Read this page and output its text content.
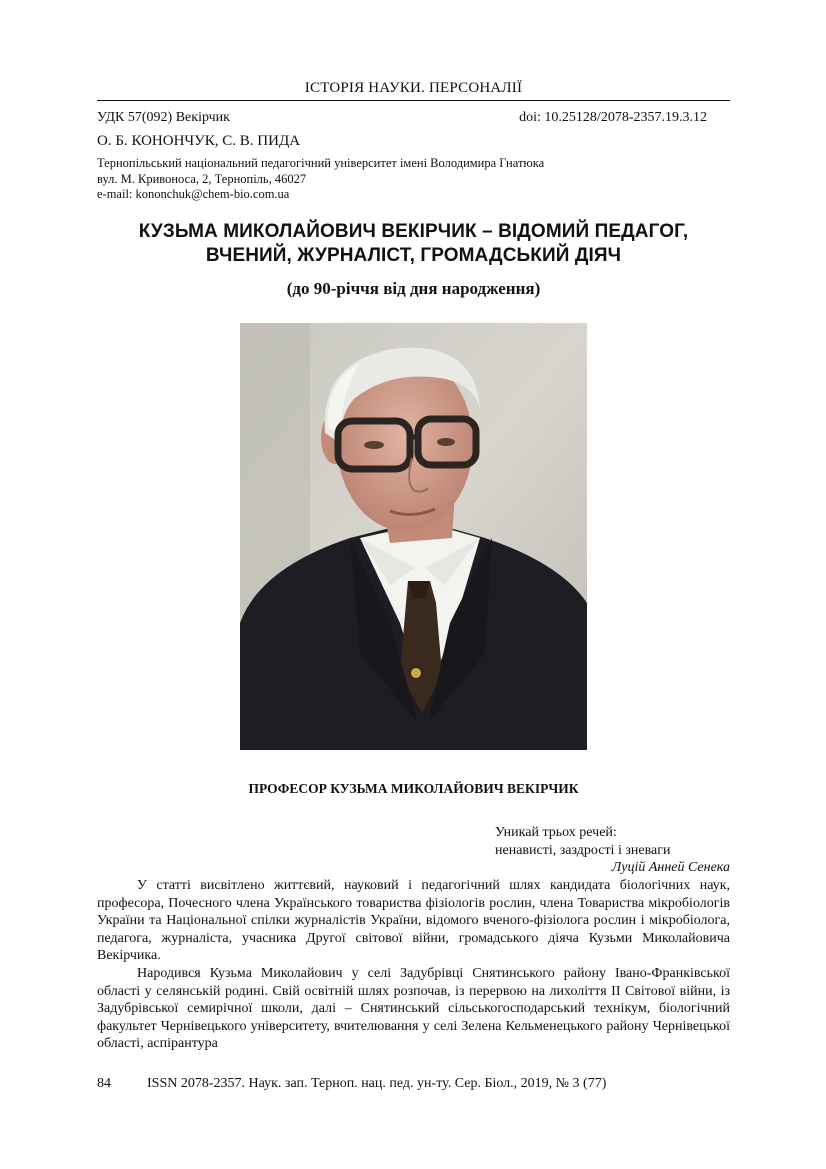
ІСТОРІЯ НАУКИ. ПЕРСОНАЛІЇ
УДК 57(092) Векірчик	doi: 10.25128/2078-2357.19.3.12
О. Б. КОНОНЧУК, С. В. ПИДА
Тернопільський національний педагогічний університет імені Володимира Гнатюка
вул. М. Кривоноса, 2, Тернопіль, 46027
e-mail: kononchuk@chem-bio.com.ua
КУЗЬМА МИКОЛАЙОВИЧ ВЕКІРЧИК – ВІДОМИЙ ПЕДАГОГ,
ВЧЕНИЙ, ЖУРНАЛІСТ, ГРОМАДСЬКИЙ ДІЯЧ
(до 90-річчя від дня народження)
ПРОФЕСОР КУЗЬМА МИКОЛАЙОВИЧ ВЕКІРЧИК
Уникай трьох речей:
ненависті, заздрості і зневаги
Луцій Анней Сенека

У статті висвітлено життєвий, науковий і педагогічний шлях кандидата біологічних наук, професора, Почесного члена Українського товариства фізіологів рослин, члена Товариства мікробіологів України та Національної спілки журналістів України, відомого вченого-фізіолога рослин і мікробіолога, педагога, журналіста, учасника Другої світової війни, громадського діяча Кузьми Миколайовича Векірчика.

Народився Кузьма Миколайович у селі Задубрівці Снятинського району Івано-Франківської області у селянській родині. Свій освітній шлях розпочав, із перервою на лихоліття ІІ Світової війни, із Задубрівської семирічної школи, далі – Снятинський сільськогосподарський технікум, біологічний факультет Чернівецького університету, вчителювання у селі Зелена Кельменецького району Чернівецької області, аспірантура

84	ISSN 2078-2357. Наук. зап. Терноп. нац. пед. ун-ту. Сер. Біол., 2019, № 3 (77)
